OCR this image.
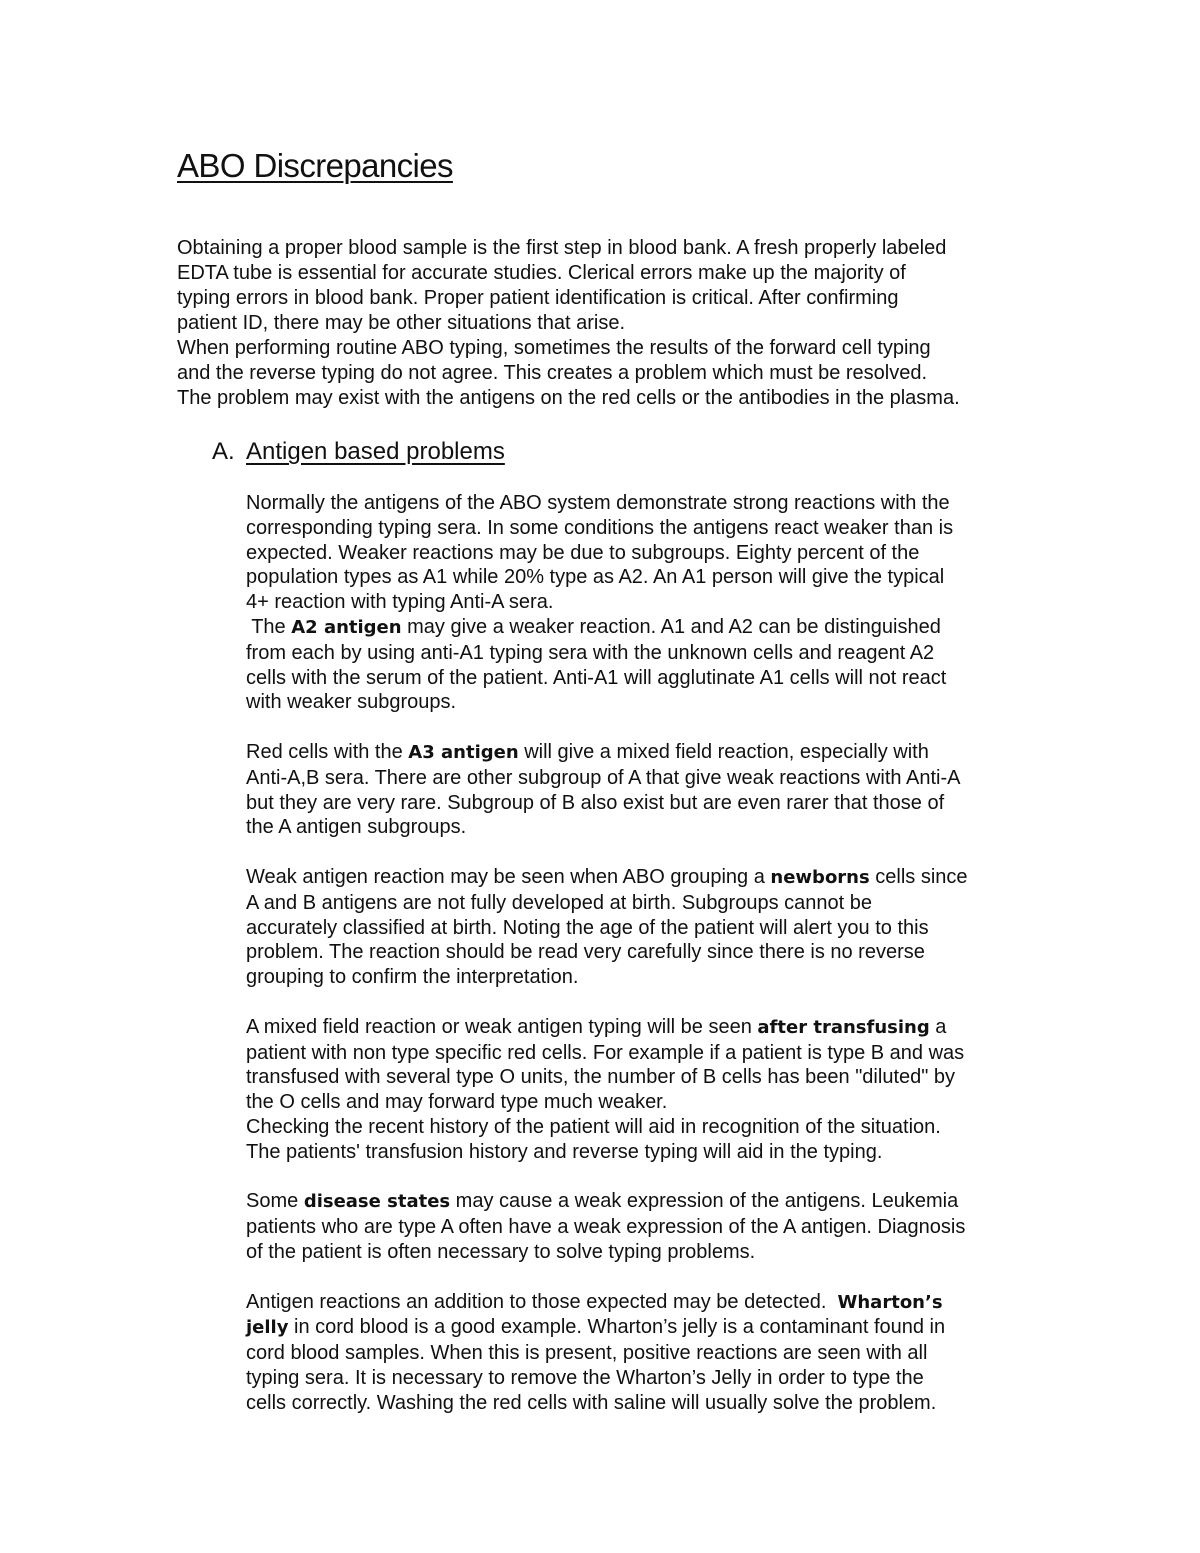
ABO Discrepancies
Obtaining a proper blood sample is the first step in blood bank. A fresh properly labeled
EDTA tube is essential for accurate studies. Clerical errors make up the majority of
typing errors in blood bank. Proper patient identification is critical. After confirming
patient ID, there may be other situations that arise.
When performing routine ABO typing, sometimes the results of the forward cell typing
and the reverse typing do not agree. This creates a problem which must be resolved.
The problem may exist with the antigens on the red cells or the antibodies in the plasma.
A. Antigen based problems
Normally the antigens of the ABO system demonstrate strong reactions with the
corresponding typing sera. In some conditions the antigens react weaker than is
expected. Weaker reactions may be due to subgroups. Eighty percent of the
population types as A1 while 20% type as A2. An A1 person will give the typical
4+ reaction with typing Anti-A sera.
The A2 antigen may give a weaker reaction. A1 and A2 can be distinguished
from each by using anti-A1 typing sera with the unknown cells and reagent A2
cells with the serum of the patient. Anti-A1 will agglutinate A1 cells will not react
with weaker subgroups.
Red cells with the A3 antigen will give a mixed field reaction, especially with
Anti-A,B sera. There are other subgroup of A that give weak reactions with Anti-A
but they are very rare. Subgroup of B also exist but are even rarer that those of
the A antigen subgroups.
Weak antigen reaction may be seen when ABO grouping a newborns cells since
A and B antigens are not fully developed at birth. Subgroups cannot be
accurately classified at birth. Noting the age of the patient will alert you to this
problem. The reaction should be read very carefully since there is no reverse
grouping to confirm the interpretation.
A mixed field reaction or weak antigen typing will be seen after transfusing a
patient with non type specific red cells. For example if a patient is type B and was
transfused with several type O units, the number of B cells has been "diluted" by
the O cells and may forward type much weaker.
Checking the recent history of the patient will aid in recognition of the situation.
The patients' transfusion history and reverse typing will aid in the typing.
Some disease states may cause a weak expression of the antigens. Leukemia
patients who are type A often have a weak expression of the A antigen. Diagnosis
of the patient is often necessary to solve typing problems.
Antigen reactions an addition to those expected may be detected.  Wharton’s
jelly in cord blood is a good example. Wharton’s jelly is a contaminant found in
cord blood samples. When this is present, positive reactions are seen with all
typing sera. It is necessary to remove the Wharton’s Jelly in order to type the
cells correctly. Washing the red cells with saline will usually solve the problem.
